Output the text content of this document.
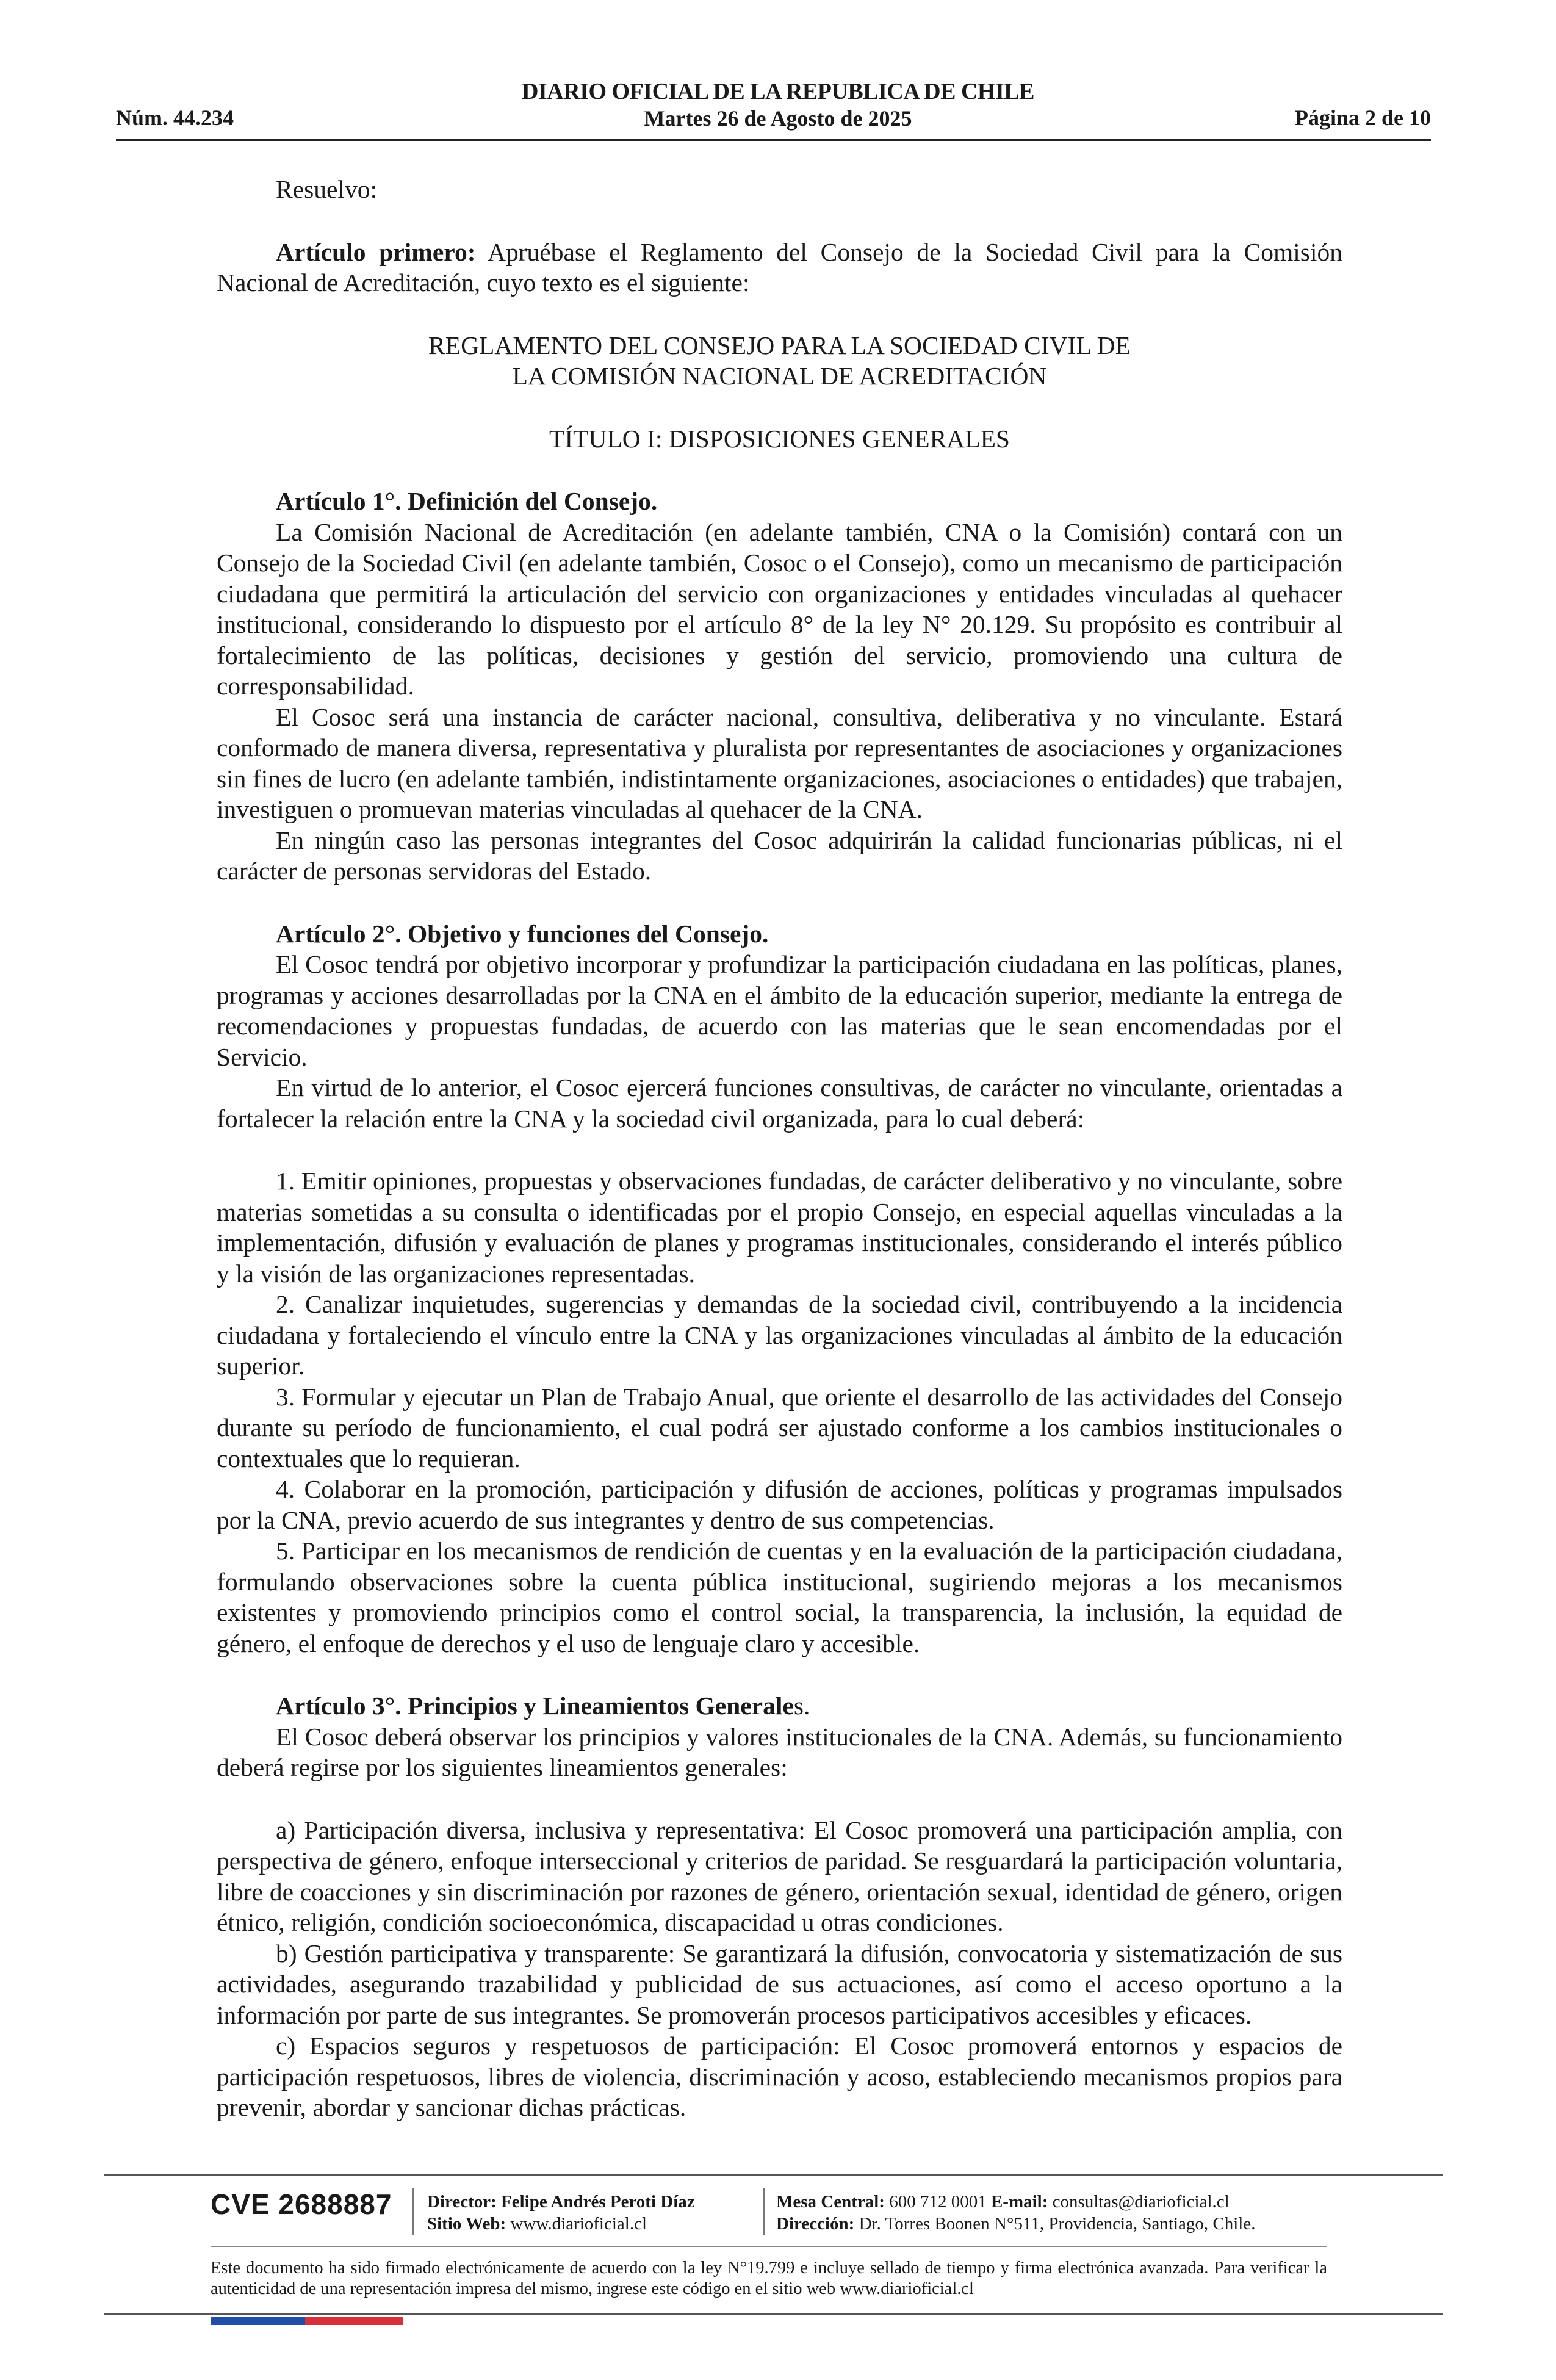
Núm. 44.234
DIARIO OFICIAL DE LA REPUBLICA DE CHILE
Martes 26 de Agosto de 2025	Página 2 de 10

Resuelvo:

Artículo primero: Apruébase el Reglamento del Consejo de la Sociedad Civil para la Comisión Nacional de Acreditación, cuyo texto es el siguiente:

REGLAMENTO DEL CONSEJO PARA LA SOCIEDAD CIVIL DE

LA COMISIÓN NACIONAL DE ACREDITACIÓN

TÍTULO I: DISPOSICIONES GENERALES

Artículo 1°. Definición del Consejo.

La Comisión Nacional de Acreditación (en adelante también, CNA o la Comisión) contará con un Consejo de la Sociedad Civil (en adelante también, Cosoc o el Consejo), como un mecanismo de participación ciudadana que permitirá la articulación del servicio con organizaciones y entidades vinculadas al quehacer institucional, considerando lo dispuesto por el artículo 8° de la ley N° 20.129. Su propósito es contribuir al fortalecimiento de las políticas, decisiones y gestión del servicio, promoviendo una cultura de corresponsabilidad.

El Cosoc será una instancia de carácter nacional, consultiva, deliberativa y no vinculante. Estará conformado de manera diversa, representativa y pluralista por representantes de asociaciones y organizaciones sin fines de lucro (en adelante también, indistintamente organizaciones, asociaciones o entidades) que trabajen, investiguen o promuevan materias vinculadas al quehacer de la CNA.

En ningún caso las personas integrantes del Cosoc adquirirán la calidad funcionarias públicas, ni el carácter de personas servidoras del Estado.

Artículo 2°. Objetivo y funciones del Consejo.

El Cosoc tendrá por objetivo incorporar y profundizar la participación ciudadana en las políticas, planes, programas y acciones desarrolladas por la CNA en el ámbito de la educación superior, mediante la entrega de recomendaciones y propuestas fundadas, de acuerdo con las materias que le sean encomendadas por el Servicio.

En virtud de lo anterior, el Cosoc ejercerá funciones consultivas, de carácter no vinculante, orientadas a fortalecer la relación entre la CNA y la sociedad civil organizada, para lo cual deberá:

1. Emitir opiniones, propuestas y observaciones fundadas, de carácter deliberativo y no vinculante, sobre materias sometidas a su consulta o identificadas por el propio Consejo, en especial aquellas vinculadas a la implementación, difusión y evaluación de planes y programas institucionales, considerando el interés público y la visión de las organizaciones representadas.

2. Canalizar inquietudes, sugerencias y demandas de la sociedad civil, contribuyendo a la incidencia ciudadana y fortaleciendo el vínculo entre la CNA y las organizaciones vinculadas al ámbito de la educación superior.

3. Formular y ejecutar un Plan de Trabajo Anual, que oriente el desarrollo de las actividades del Consejo durante su período de funcionamiento, el cual podrá ser ajustado conforme a los cambios institucionales o contextuales que lo requieran.

4. Colaborar en la promoción, participación y difusión de acciones, políticas y programas impulsados por la CNA, previo acuerdo de sus integrantes y dentro de sus competencias.

5. Participar en los mecanismos de rendición de cuentas y en la evaluación de la participación ciudadana, formulando observaciones sobre la cuenta pública institucional, sugiriendo mejoras a los mecanismos existentes y promoviendo principios como el control social, la transparencia, la inclusión, la equidad de género, el enfoque de derechos y el uso de lenguaje claro y accesible.

Artículo 3°. Principios y Lineamientos Generales.

El Cosoc deberá observar los principios y valores institucionales de la CNA. Además, su funcionamiento deberá regirse por los siguientes lineamientos generales:

a) Participación diversa, inclusiva y representativa: El Cosoc promoverá una participación amplia, con perspectiva de género, enfoque interseccional y criterios de paridad. Se resguardará la participación voluntaria, libre de coacciones y sin discriminación por razones de género, orientación sexual, identidad de género, origen étnico, religión, condición socioeconómica, discapacidad u otras condiciones.

b) Gestión participativa y transparente: Se garantizará la difusión, convocatoria y sistematización de sus actividades, asegurando trazabilidad y publicidad de sus actuaciones, así como el acceso oportuno a la información por parte de sus integrantes. Se promoverán procesos participativos accesibles y eficaces.

c) Espacios seguros y respetuosos de participación: El Cosoc promoverá entornos y espacios de participación respetuosos, libres de violencia, discriminación y acoso, estableciendo mecanismos propios para prevenir, abordar y sancionar dichas prácticas.

CVE 2688887 Director: Felipe Andrés Peroti Díaz
Sitio Web: www.diarioficial.cl
Mesa Central: 600 712 0001 E-mail: consultas@diarioficial.cl
Dirección: Dr. Torres Boonen N°511, Providencia, Santiago, Chile.
Este documento ha sido firmado electrónicamente de acuerdo con la ley N°19.799 e incluye sellado de tiempo y firma electrónica avanzada. Para verificar la autenticidad de una representación impresa del mismo, ingrese este código en el sitio web www.diarioficial.cl
